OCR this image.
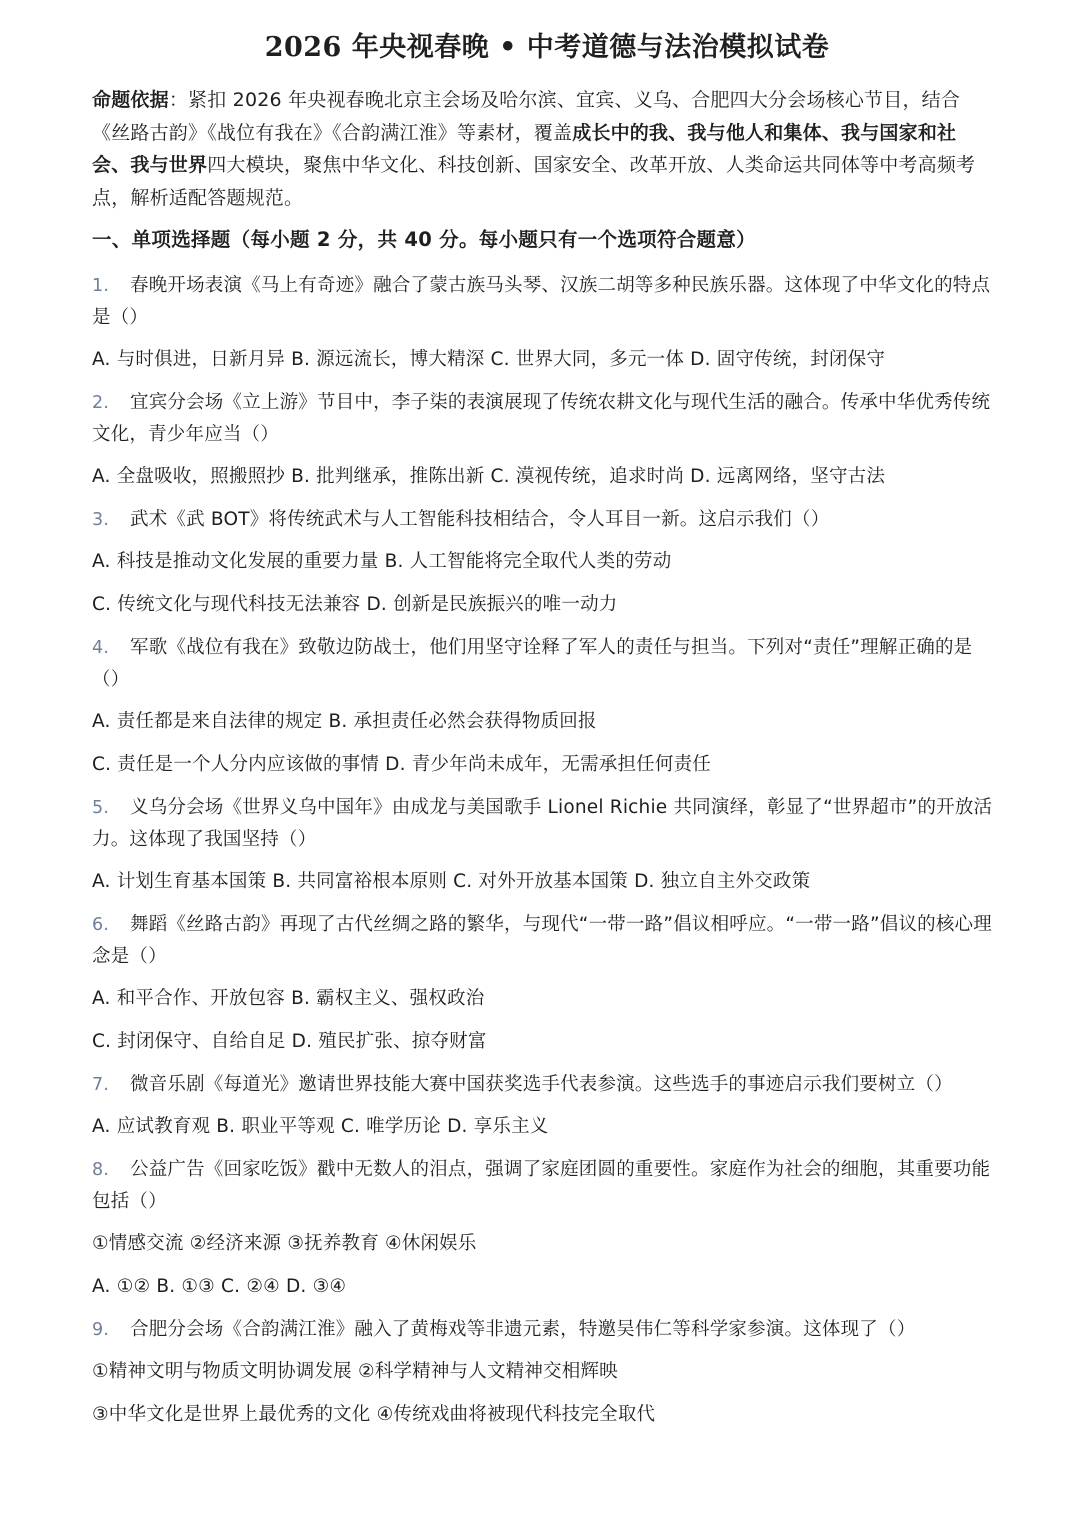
2026 年央视春晚 • 中考道德与法治模拟试卷

命题依据：紧扣 2026 年央视春晚北京主会场及哈尔滨、宜宾、义乌、合肥四大分会场核心节目，结合《丝路古韵》《战位有我在》《合韵满江淮》等素材，覆盖成长中的我、我与他人和集体、我与国家和社会、我与世界四大模块，聚焦中华文化、科技创新、国家安全、改革开放、人类命运共同体等中考高频考点，解析适配答题规范。

一、单项选择题（每小题 2 分，共 40 分。每小题只有一个选项符合题意）

1. 春晚开场表演《马上有奇迹》融合了蒙古族马头琴、汉族二胡等多种民族乐器。这体现了中华文化的特点是（）

A. 与时俱进，日新月异 B. 源远流长，博大精深 C. 世界大同，多元一体 D. 固守传统，封闭保守

2. 宜宾分会场《立上游》节目中，李子柒的表演展现了传统农耕文化与现代生活的融合。传承中华优秀传统文化，青少年应当（）

A. 全盘吸收，照搬照抄 B. 批判继承，推陈出新 C. 漠视传统，追求时尚 D. 远离网络，坚守古法

3. 武术《武 BOT》将传统武术与人工智能科技相结合，令人耳目一新。这启示我们（）

A. 科技是推动文化发展的重要力量 B. 人工智能将完全取代人类的劳动

C. 传统文化与现代科技无法兼容 D. 创新是民族振兴的唯一动力

4. 军歌《战位有我在》致敬边防战士，他们用坚守诠释了军人的责任与担当。下列对“责任”理解正确的是（）

A. 责任都是来自法律的规定 B. 承担责任必然会获得物质回报

C. 责任是一个人分内应该做的事情 D. 青少年尚未成年，无需承担任何责任

5. 义乌分会场《世界义乌中国年》由成龙与美国歌手 Lionel Richie 共同演绎，彰显了“世界超市”的开放活力。这体现了我国坚持（）

A. 计划生育基本国策 B. 共同富裕根本原则 C. 对外开放基本国策 D. 独立自主外交政策

6. 舞蹈《丝路古韵》再现了古代丝绸之路的繁华，与现代“一带一路”倡议相呼应。“一带一路”倡议的核心理念是（）

A. 和平合作、开放包容 B. 霸权主义、强权政治

C. 封闭保守、自给自足 D. 殖民扩张、掠夺财富

7. 微音乐剧《每道光》邀请世界技能大赛中国获奖选手代表参演。这些选手的事迹启示我们要树立（）

A. 应试教育观 B. 职业平等观 C. 唯学历论 D. 享乐主义

8. 公益广告《回家吃饭》戳中无数人的泪点，强调了家庭团圆的重要性。家庭作为社会的细胞，其重要功能包括（）

①情感交流 ②经济来源 ③抚养教育 ④休闲娱乐

A. ①② B. ①③ C. ②④ D. ③④

9. 合肥分会场《合韵满江淮》融入了黄梅戏等非遗元素，特邀吴伟仁等科学家参演。这体现了（）

①精神文明与物质文明协调发展 ②科学精神与人文精神交相辉映

③中华文化是世界上最优秀的文化 ④传统戏曲将被现代科技完全取代
